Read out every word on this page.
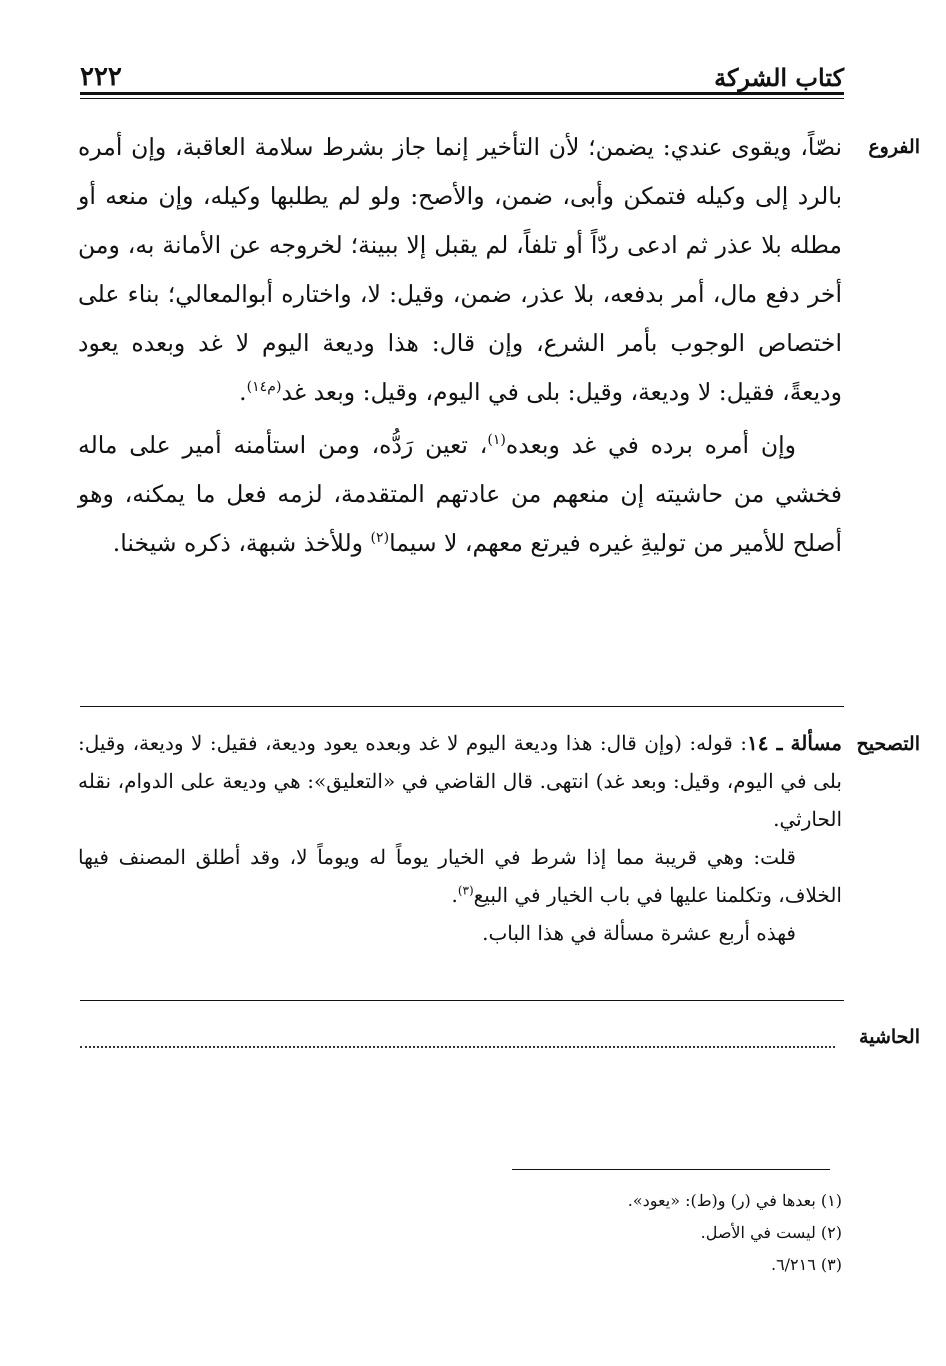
٢٢٢	كتاب الشركة
الفروع

نصّاً، ويقوى عندي: يضمن؛ لأن التأخير إنما جاز بشرط سلامة العاقبة، وإن أمره بالرد إلى وكيله فتمكن وأبى، ضمن، والأصح: ولو لم يطلبها وكيله، وإن منعه أو مطله بلا عذر ثم ادعى ردّاً أو تلفاً، لم يقبل إلا ببينة؛ لخروجه عن الأمانة به، ومن أخر دفع مال، أمر بدفعه، بلا عذر، ضمن، وقيل: لا، واختاره أبوالمعالي؛ بناء على اختصاص الوجوب بأمر الشرع، وإن قال: هذا وديعة اليوم لا غد وبعده يعود وديعةً، فقيل: لا وديعة، وقيل: بلى في اليوم، وقيل: وبعد غد$^{(م١٤)}$.

وإن أمره برده في غد وبعده$^{(١)}$، تعين رَدُّه، ومن استأمنه أمير على ماله فخشي من حاشيته إن منعهم من عادتهم المتقدمة، لزمه فعل ما يمكنه، وهو أصلح للأمير من توليةِ غيره فيرتع معهم، لا سيما$^{(٢)}$ وللأخذ شبهة، ذكره شيخنا.

التصحيح

مسألة ـ ١٤: قوله: (وإن قال: هذا وديعة اليوم لا غد وبعده يعود وديعة، فقيل: لا وديعة، وقيل: بلى في اليوم، وقيل: وبعد غد) انتهى. قال القاضي في «التعليق»: هي وديعة على الدوام، نقله الحارثي.

قلت: وهي قريبة مما إذا شرط في الخيار يوماً له ويوماً لا، وقد أطلق المصنف فيها الخلاف، وتكلمنا عليها في باب الخيار في البيع$^{(٣)}$.

فهذه أربع عشرة مسألة في هذا الباب.

الحاشية
(١) بعدها في (ر) و(ط): «يعود».
(٢) ليست في الأصل.
(٣) ٦/٢١٦.
